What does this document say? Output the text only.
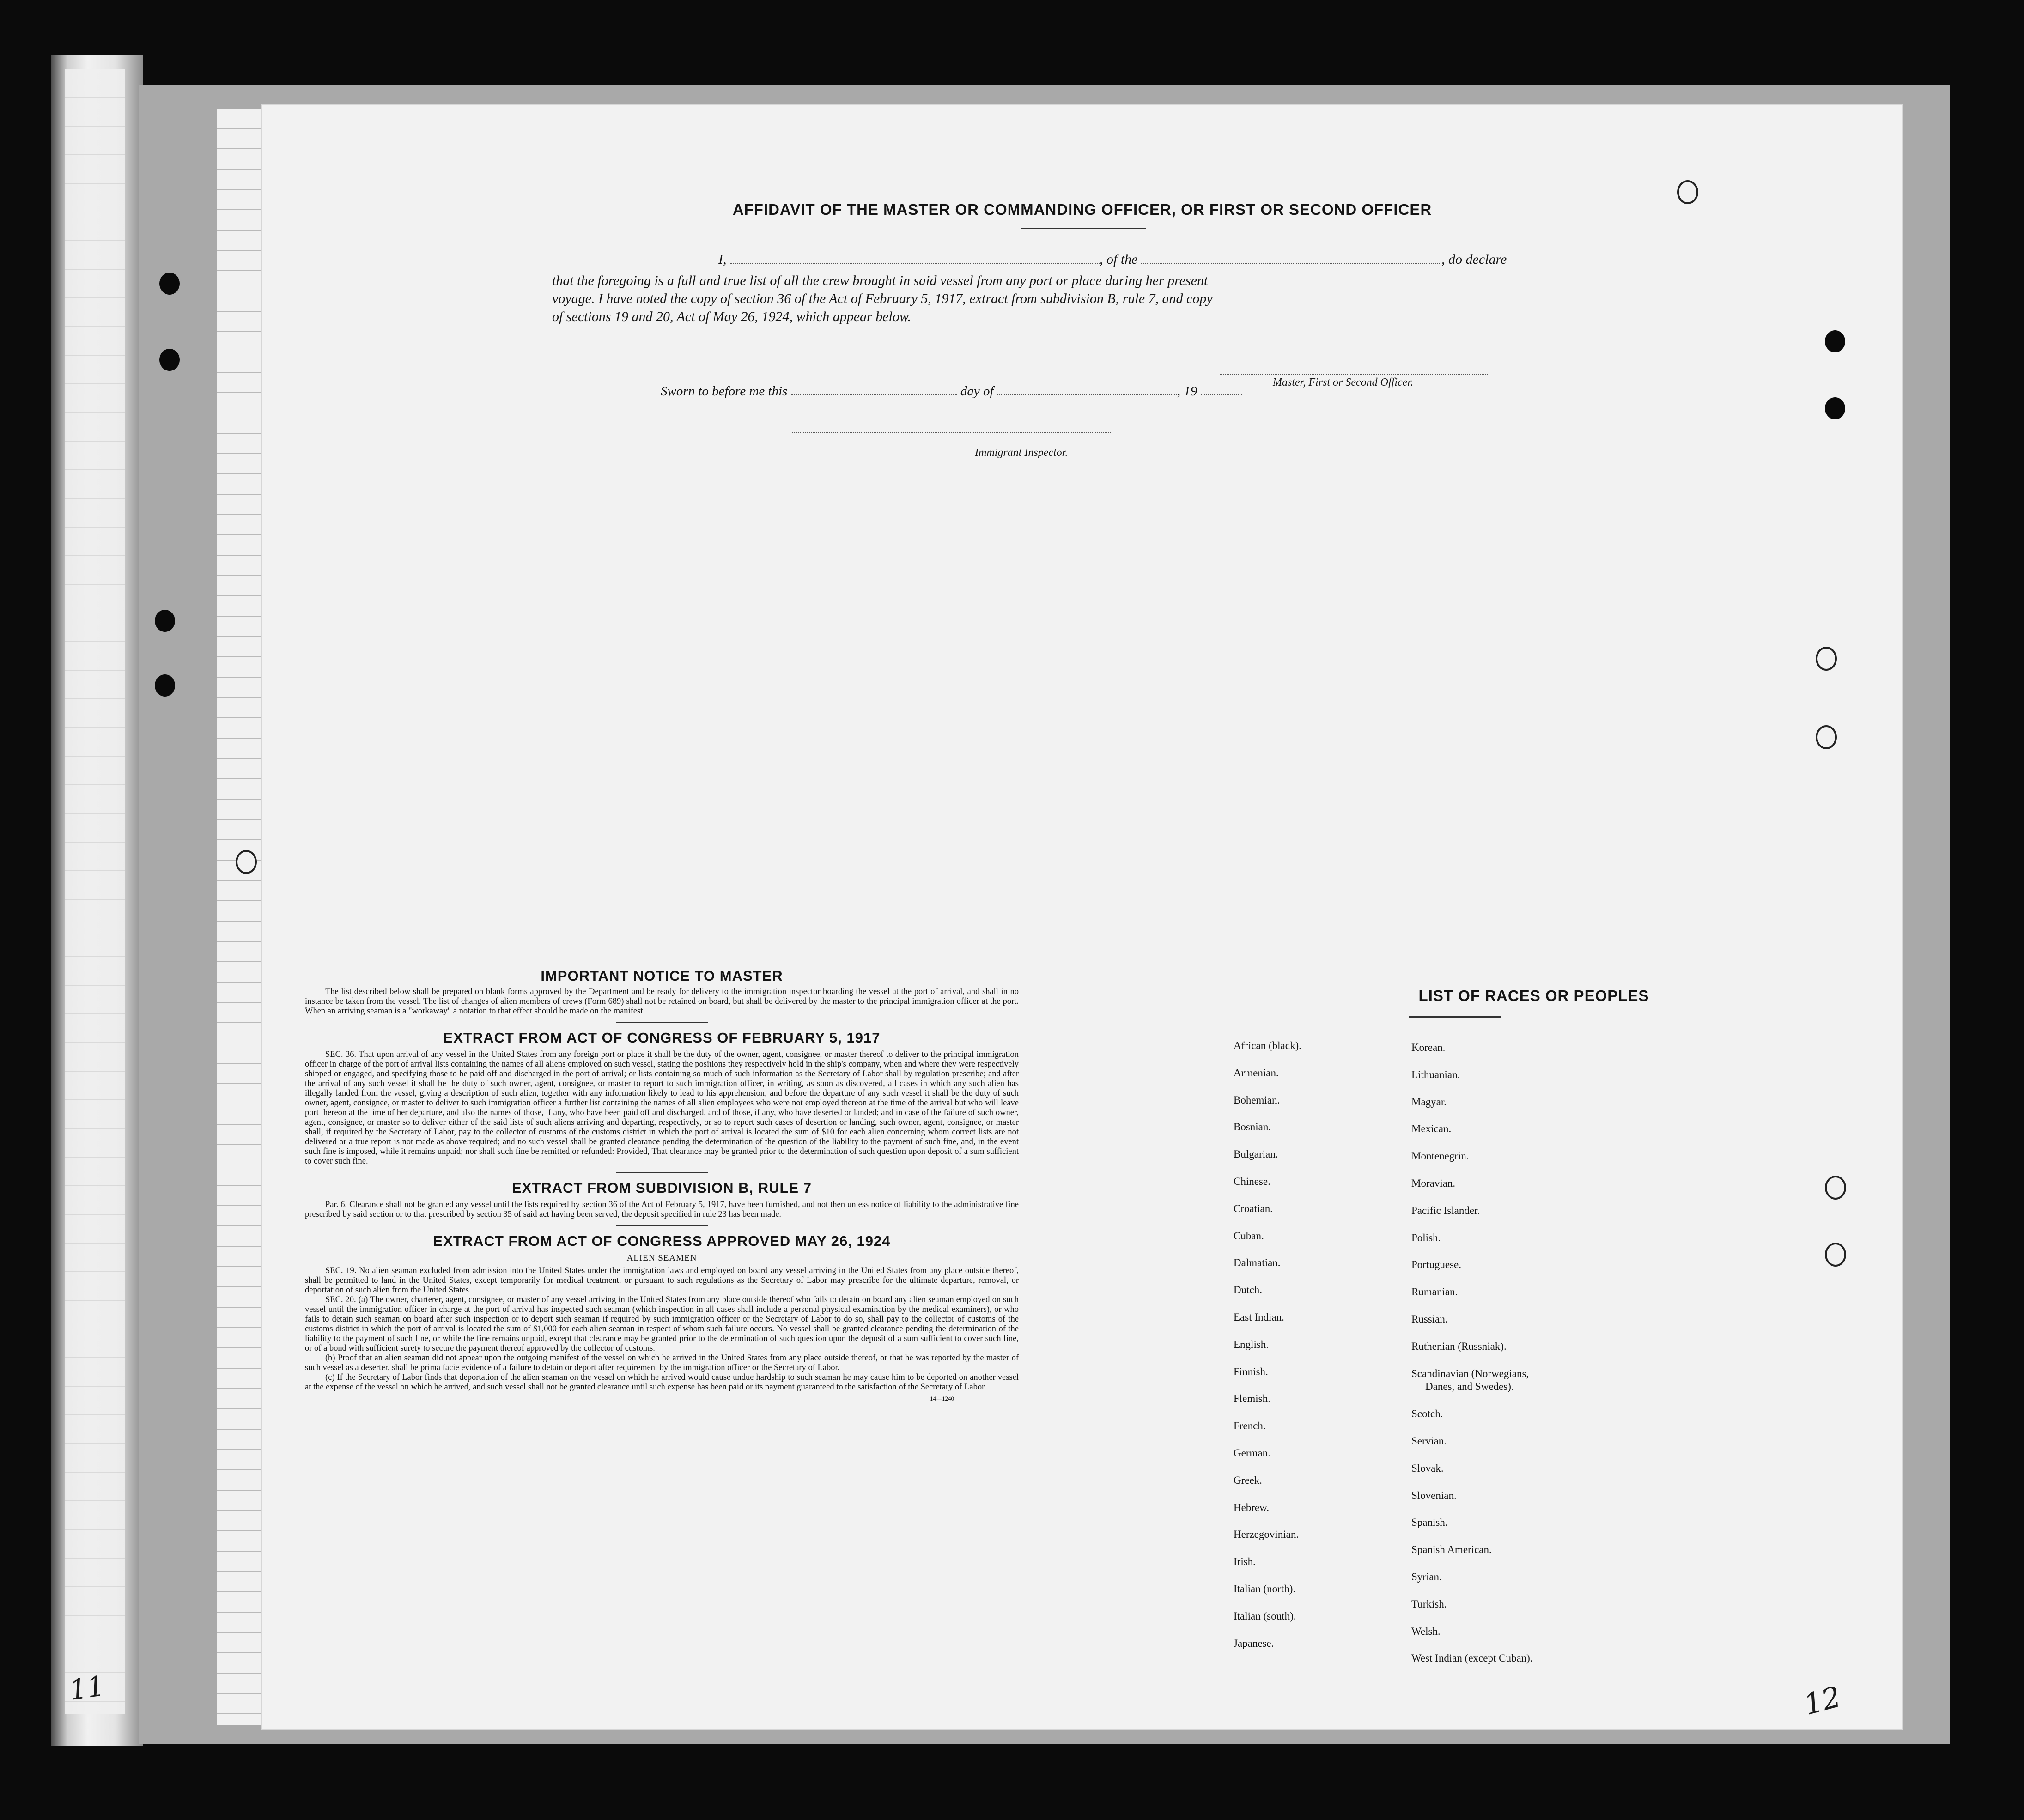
11
AFFIDAVIT OF THE MASTER OR COMMANDING OFFICER, OR FIRST OR SECOND OFFICER
I,	, of the	, do declare
that the foregoing is a full and true list of all the crew brought in said vessel from any port or place during her present
voyage. I have noted the copy of section 36 of the Act of February 5, 1917, extract from subdivision B, rule 7, and copy
of sections 19 and 20, Act of May 26, 1924, which appear below.
Master, First or Second Officer.
Sworn to before me this	day of	, 19
Immigrant Inspector.
IMPORTANT NOTICE TO MASTER

The list described below shall be prepared on blank forms approved by the Department and be ready for delivery to the immigration inspector boarding the vessel at the port of arrival, and shall in no instance be taken from the vessel. The list of changes of alien members of crews (Form 689) shall not be retained on board, but shall be delivered by the master to the principal immigration officer at the port. When an arriving seaman is a "workaway" a notation to that effect should be made on the manifest.

EXTRACT FROM ACT OF CONGRESS OF FEBRUARY 5, 1917

SEC. 36. That upon arrival of any vessel in the United States from any foreign port or place it shall be the duty of the owner, agent, consignee, or master thereof to deliver to the principal immigration officer in charge of the port of arrival lists containing the names of all aliens employed on such vessel, stating the positions they respectively hold in the ship's company, when and where they were respectively shipped or engaged, and specifying those to be paid off and discharged in the port of arrival; or lists containing so much of such information as the Secretary of Labor shall by regulation prescribe; and after the arrival of any such vessel it shall be the duty of such owner, agent, consignee, or master to report to such immigration officer, in writing, as soon as discovered, all cases in which any such alien has illegally landed from the vessel, giving a description of such alien, together with any information likely to lead to his apprehension; and before the departure of any such vessel it shall be the duty of such owner, agent, consignee, or master to deliver to such immigration officer a further list containing the names of all alien employees who were not employed thereon at the time of the arrival but who will leave port thereon at the time of her departure, and also the names of those, if any, who have been paid off and discharged, and of those, if any, who have deserted or landed; and in case of the failure of such owner, agent, consignee, or master so to deliver either of the said lists of such aliens arriving and departing, respectively, or so to report such cases of desertion or landing, such owner, agent, consignee, or master shall, if required by the Secretary of Labor, pay to the collector of customs of the customs district in which the port of arrival is located the sum of $10 for each alien concerning whom correct lists are not delivered or a true report is not made as above required; and no such vessel shall be granted clearance pending the determination of the question of the liability to the payment of such fine, and, in the event such fine is imposed, while it remains unpaid; nor shall such fine be remitted or refunded: Provided, That clearance may be granted prior to the determination of such question upon deposit of a sum sufficient to cover such fine.

EXTRACT FROM SUBDIVISION B, RULE 7

Par. 6. Clearance shall not be granted any vessel until the lists required by section 36 of the Act of February 5, 1917, have been furnished, and not then unless notice of liability to the administrative fine prescribed by said section or to that prescribed by section 35 of said act having been served, the deposit specified in rule 23 has been made.

EXTRACT FROM ACT OF CONGRESS APPROVED MAY 26, 1924
ALIEN SEAMEN

SEC. 19. No alien seaman excluded from admission into the United States under the immigration laws and employed on board any vessel arriving in the United States from any place outside thereof, shall be permitted to land in the United States, except temporarily for medical treatment, or pursuant to such regulations as the Secretary of Labor may prescribe for the ultimate departure, removal, or deportation of such alien from the United States.

SEC. 20. (a) The owner, charterer, agent, consignee, or master of any vessel arriving in the United States from any place outside thereof who fails to detain on board any alien seaman employed on such vessel until the immigration officer in charge at the port of arrival has inspected such seaman (which inspection in all cases shall include a personal physical examination by the medical examiners), or who fails to detain such seaman on board after such inspection or to deport such seaman if required by such immigration officer or the Secretary of Labor to do so, shall pay to the collector of customs of the customs district in which the port of arrival is located the sum of $1,000 for each alien seaman in respect of whom such failure occurs. No vessel shall be granted clearance pending the determination of the liability to the payment of such fine, or while the fine remains unpaid, except that clearance may be granted prior to the determination of such question upon the deposit of a sum sufficient to cover such fine, or of a bond with sufficient surety to secure the payment thereof approved by the collector of customs.

(b) Proof that an alien seaman did not appear upon the outgoing manifest of the vessel on which he arrived in the United States from any place outside thereof, or that he was reported by the master of such vessel as a deserter, shall be prima facie evidence of a failure to detain or deport after requirement by the immigration officer or the Secretary of Labor.

(c) If the Secretary of Labor finds that deportation of the alien seaman on the vessel on which he arrived would cause undue hardship to such seaman he may cause him to be deported on another vessel at the expense of the vessel on which he arrived, and such vessel shall not be granted clearance until such expense has been paid or its payment guaranteed to the satisfaction of the Secretary of Labor.

14—1240
LIST OF RACES OR PEOPLES
African (black).
Armenian.
Bohemian.
Bosnian.
Bulgarian.
Chinese.
Croatian.
Cuban.
Dalmatian.
Dutch.
East Indian.
English.
Finnish.
Flemish.
French.
German.
Greek.
Hebrew.
Herzegovinian.
Irish.
Italian (north).
Italian (south).
Japanese.
Korean.
Lithuanian.
Magyar.
Mexican.
Montenegrin.
Moravian.
Pacific Islander.
Polish.
Portuguese.
Rumanian.
Russian.
Ruthenian (Russniak).
Scandinavian (Norwegians,
Danes, and Swedes).
Scotch.
Servian.
Slovak.
Slovenian.
Spanish.
Spanish American.
Syrian.
Turkish.
Welsh.
West Indian (except Cuban).
12
